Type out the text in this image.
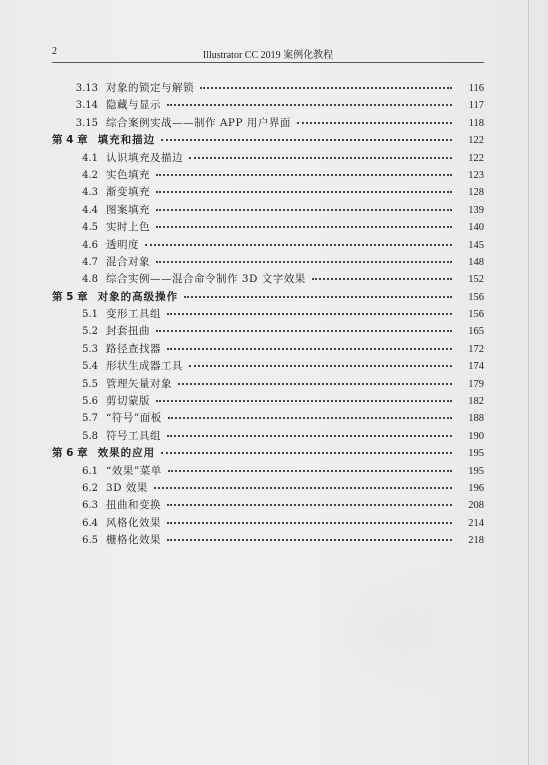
2	Illustrator CC 2019 案例化教程
3.13 对象的锁定与解锁	116
3.14 隐藏与显示	117
3.15 综合案例实战——制作 APP 用户界面	118
第 4 章 填充和描边	122
4.1 认识填充及描边	122
4.2 实色填充	123
4.3 渐变填充	128
4.4 图案填充	139
4.5 实时上色	140
4.6 透明度	145
4.7 混合对象	148
4.8 综合实例——混合命令制作 3D 文字效果	152
第 5 章 对象的高级操作	156
5.1 变形工具组	156
5.2 封套扭曲	165
5.3 路径查找器	172
5.4 形状生成器工具	174
5.5 管理矢量对象	179
5.6 剪切蒙版	182
5.7 “符号”面板	188
5.8 符号工具组	190
第 6 章 效果的应用	195
6.1 “效果”菜单	195
6.2 3D 效果	196
6.3 扭曲和变换	208
6.4 风格化效果	214
6.5 栅格化效果	218
